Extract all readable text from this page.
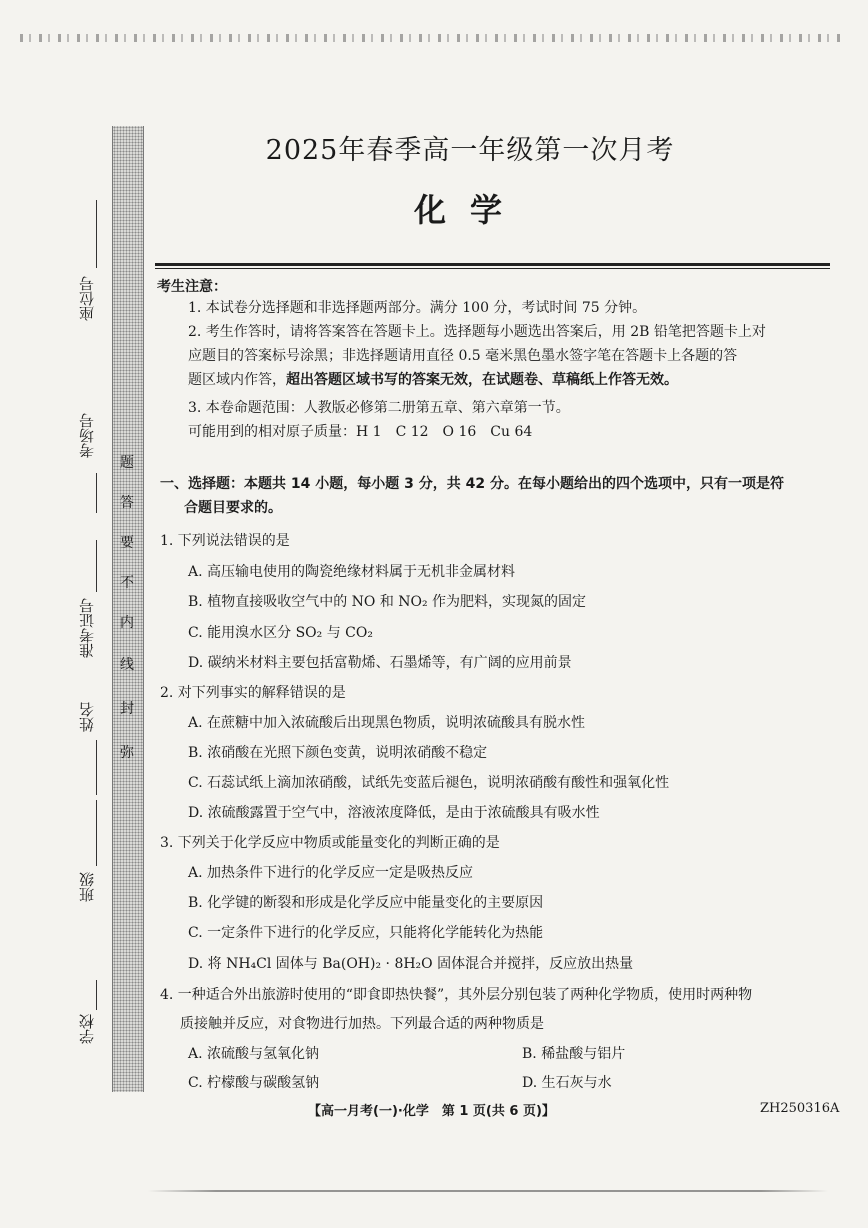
题
答
要
不
内
线
封
弥
学校
班级
姓名
准考证号
考场号
座位号
2025年春季高一年级第一次月考
化学
考生注意：
1. 本试卷分选择题和非选择题两部分。满分 100 分，考试时间 75 分钟。
2. 考生作答时，请将答案答在答题卡上。选择题每小题选出答案后，用 2B 铅笔把答题卡上对
应题目的答案标号涂黑；非选择题请用直径 0.5 毫米黑色墨水签字笔在答题卡上各题的答
题区域内作答，超出答题区域书写的答案无效，在试题卷、草稿纸上作答无效。
3. 本卷命题范围：人教版必修第二册第五章、第六章第一节。
可能用到的相对原子质量：H 1　C 12　O 16　Cu 64
一、选择题：本题共 14 小题，每小题 3 分，共 42 分。在每小题给出的四个选项中，只有一项是符
合题目要求的。
1. 下列说法错误的是
A. 高压输电使用的陶瓷绝缘材料属于无机非金属材料
B. 植物直接吸收空气中的 NO 和 NO₂ 作为肥料，实现氮的固定
C. 能用溴水区分 SO₂ 与 CO₂
D. 碳纳米材料主要包括富勒烯、石墨烯等，有广阔的应用前景
2. 对下列事实的解释错误的是
A. 在蔗糖中加入浓硫酸后出现黑色物质，说明浓硫酸具有脱水性
B. 浓硝酸在光照下颜色变黄，说明浓硝酸不稳定
C. 石蕊试纸上滴加浓硝酸，试纸先变蓝后褪色，说明浓硝酸有酸性和强氧化性
D. 浓硫酸露置于空气中，溶液浓度降低，是由于浓硫酸具有吸水性
3. 下列关于化学反应中物质或能量变化的判断正确的是
A. 加热条件下进行的化学反应一定是吸热反应
B. 化学键的断裂和形成是化学反应中能量变化的主要原因
C. 一定条件下进行的化学反应，只能将化学能转化为热能
D. 将 NH₄Cl 固体与 Ba(OH)₂ · 8H₂O 固体混合并搅拌，反应放出热量
4. 一种适合外出旅游时使用的“即食即热快餐”，其外层分别包装了两种化学物质，使用时两种物
质接触并反应，对食物进行加热。下列最合适的两种物质是
A. 浓硫酸与氢氧化钠	B. 稀盐酸与铝片
C. 柠檬酸与碳酸氢钠	D. 生石灰与水
【高一月考(一)·化学　第 1 页(共 6 页)】	ZH250316A
